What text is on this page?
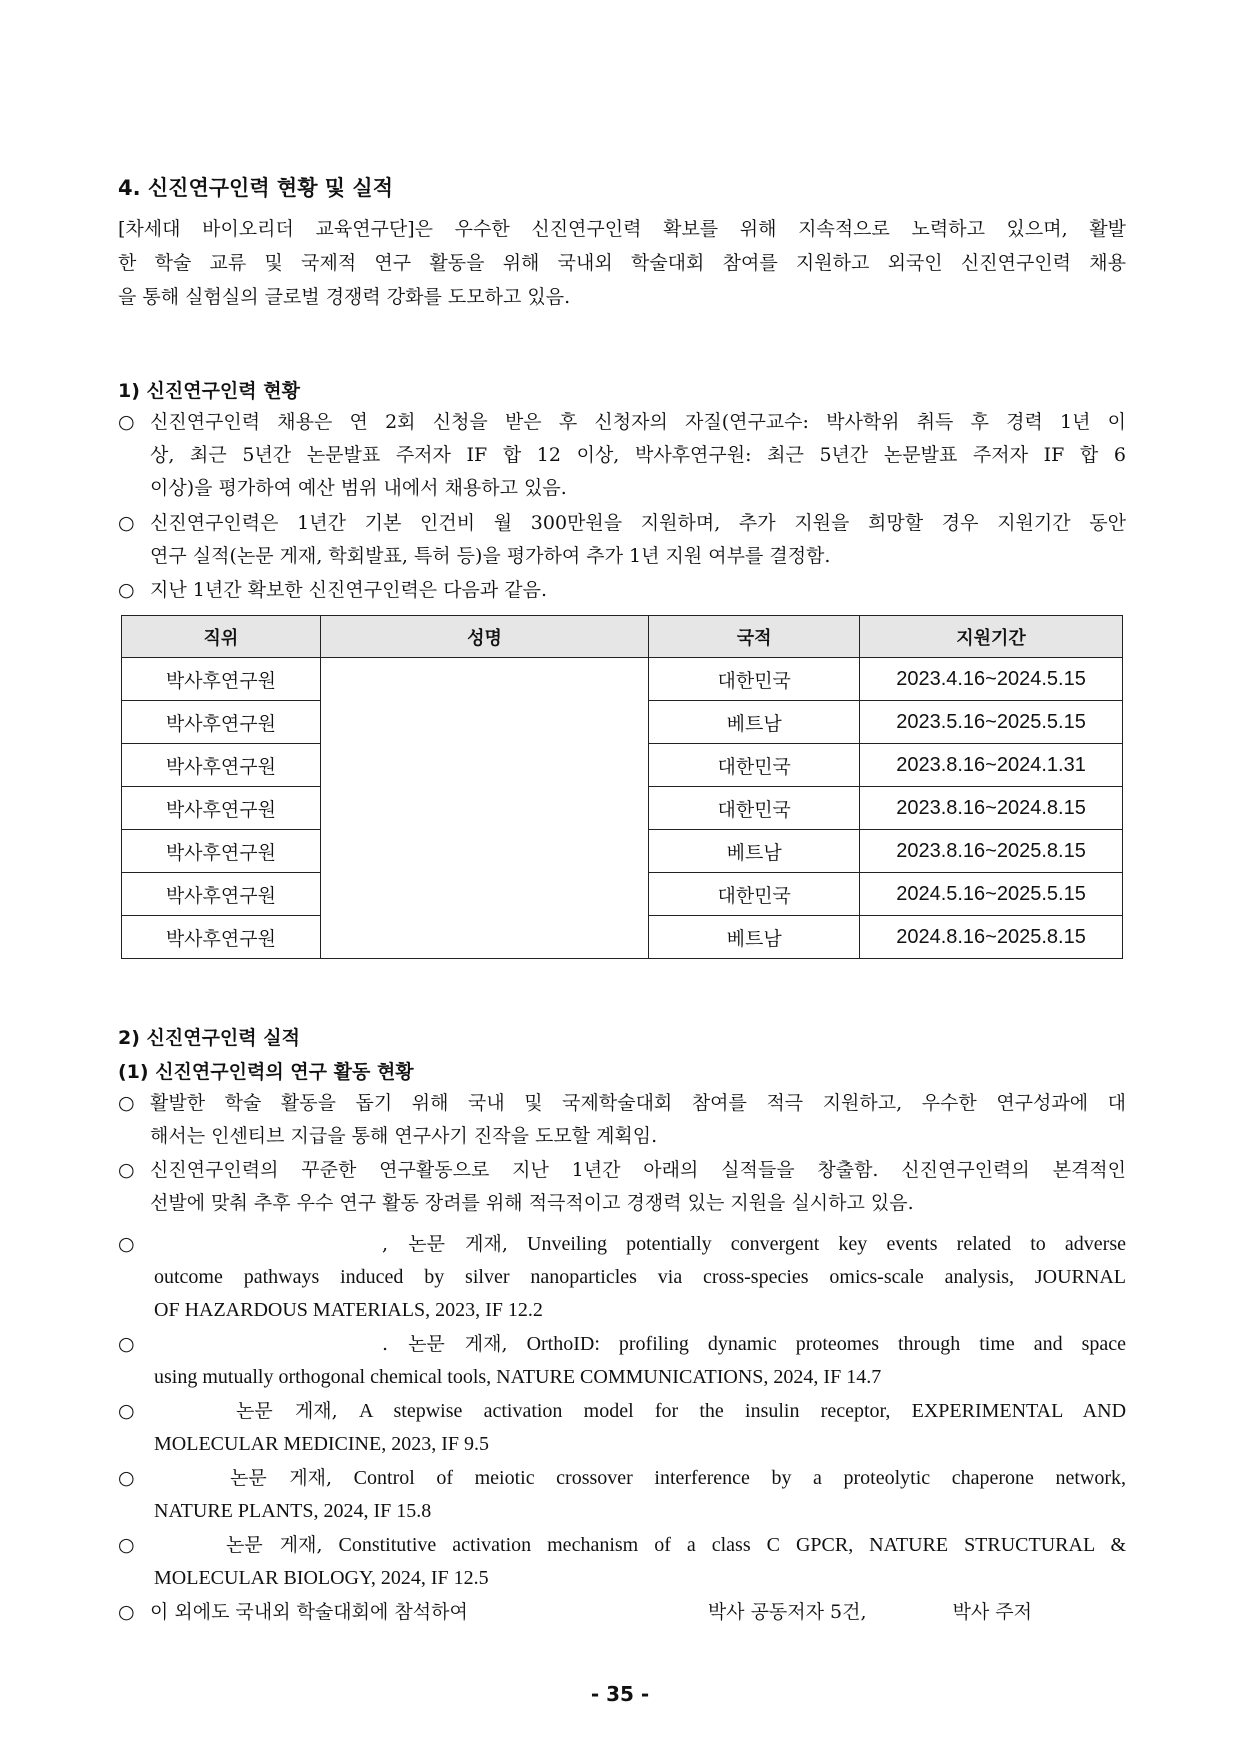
4. 신진연구인력 현황 및 실적
[차세대 바이오리더 교육연구단]은 우수한 신진연구인력 확보를 위해 지속적으로 노력하고 있으며, 활발
한 학술 교류 및 국제적 연구 활동을 위해 국내외 학술대회 참여를 지원하고 외국인 신진연구인력 채용
을 통해 실험실의 글로벌 경쟁력 강화를 도모하고 있음.
1) 신진연구인력 현황
○ 신진연구인력 채용은 연 2회 신청을 받은 후 신청자의 자질(연구교수: 박사학위 취득 후 경력 1년 이
상, 최근 5년간 논문발표 주저자 IF 합 12 이상, 박사후연구원: 최근 5년간 논문발표 주저자 IF 합 6
이상)을 평가하여 예산 범위 내에서 채용하고 있음.
○ 신진연구인력은 1년간 기본 인건비 월 300만원을 지원하며, 추가 지원을 희망할 경우 지원기간 동안
연구 실적(논문 게재, 학회발표, 특허 등)을 평가하여 추가 1년 지원 여부를 결정함.
○ 지난 1년간 확보한 신진연구인력은 다음과 같음.
직위	성명	국적	지원기간
박사후연구원		대한민국	2023.4.16~2024.5.15
박사후연구원		베트남	2023.5.16~2025.5.15
박사후연구원		대한민국	2023.8.16~2024.1.31
박사후연구원		대한민국	2023.8.16~2024.8.15
박사후연구원		베트남	2023.8.16~2025.8.15
박사후연구원		대한민국	2024.5.16~2025.5.15
박사후연구원		베트남	2024.8.16~2025.8.15
2) 신진연구인력 실적
(1) 신진연구인력의 연구 활동 현황
○ 활발한 학술 활동을 돕기 위해 국내 및 국제학술대회 참여를 적극 지원하고, 우수한 연구성과에 대
해서는 인센티브 지급을 통해 연구사기 진작을 도모할 계획임.
○ 신진연구인력의 꾸준한 연구활동으로 지난 1년간 아래의 실적들을 창출함. 신진연구인력의 본격적인
선발에 맞춰 추후 우수 연구 활동 장려를 위해 적극적이고 경쟁력 있는 지원을 실시하고 있음.
○	, 논문 게재, Unveiling potentially convergent key events related to adverse
outcome pathways induced by silver nanoparticles via cross-species omics-scale analysis, JOURNAL
OF HAZARDOUS MATERIALS, 2023, IF 12.2
○	. 논문 게재, OrthoID: profiling dynamic proteomes through time and space
using mutually orthogonal chemical tools, NATURE COMMUNICATIONS, 2024, IF 14.7
○	논문 게재, A stepwise activation model for the insulin receptor, EXPERIMENTAL AND
MOLECULAR MEDICINE, 2023, IF 9.5
○	논문 게재, Control of meiotic crossover interference by a proteolytic chaperone network,
NATURE PLANTS, 2024, IF 15.8
○	논문 게재, Constitutive activation mechanism of a class C GPCR, NATURE STRUCTURAL &
MOLECULAR BIOLOGY, 2024, IF 12.5
○ 이 외에도 국내외 학술대회에 참석하여	박사 공동저자 5건,	박사 주저
- 35 -
